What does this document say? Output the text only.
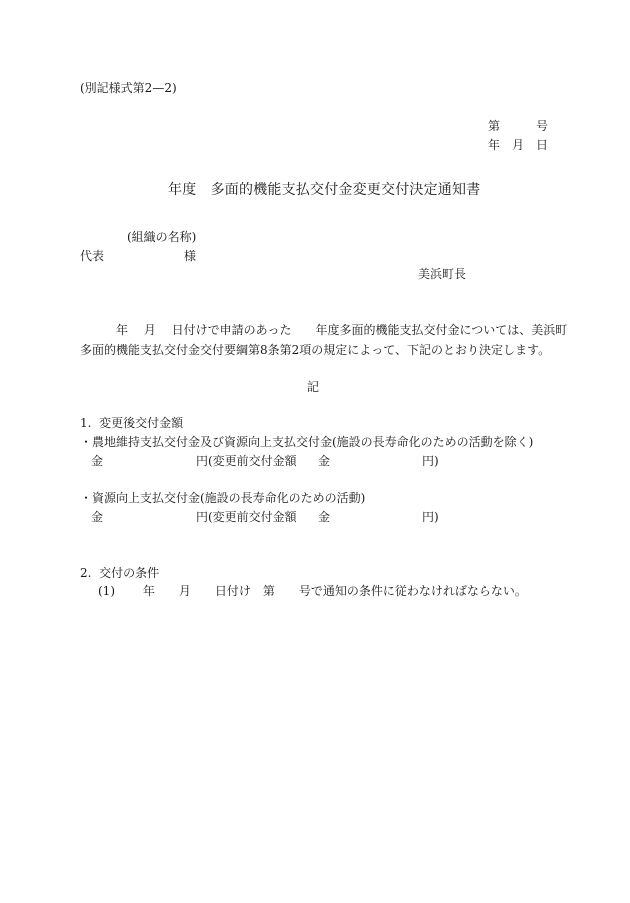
(別記様式第2—2)
第　　　号
年　月　日
年度　多面的機能支払交付金変更交付決定通知書
(組織の名称)
代表	様
美浜町長
年　 月　 日付けで申請のあった　　年度多面的機能支払交付金については、美浜町
多面的機能支払交付金交付要綱第8条第2項の規定によって、下記のとおり決定します。
記
1.  変更後交付金額
・農地維持支払交付金及び資源向上支払交付金(施設の長寿命化のための活動を除く)
金	円(変更前交付金額 金	円)
・資源向上支払交付金(施設の長寿命化のための活動)
金	円(変更前交付金額 金	円)
2.  交付の条件
(1)　　 年　　月　　日付け　第　　号で通知の条件に従わなければならない。
